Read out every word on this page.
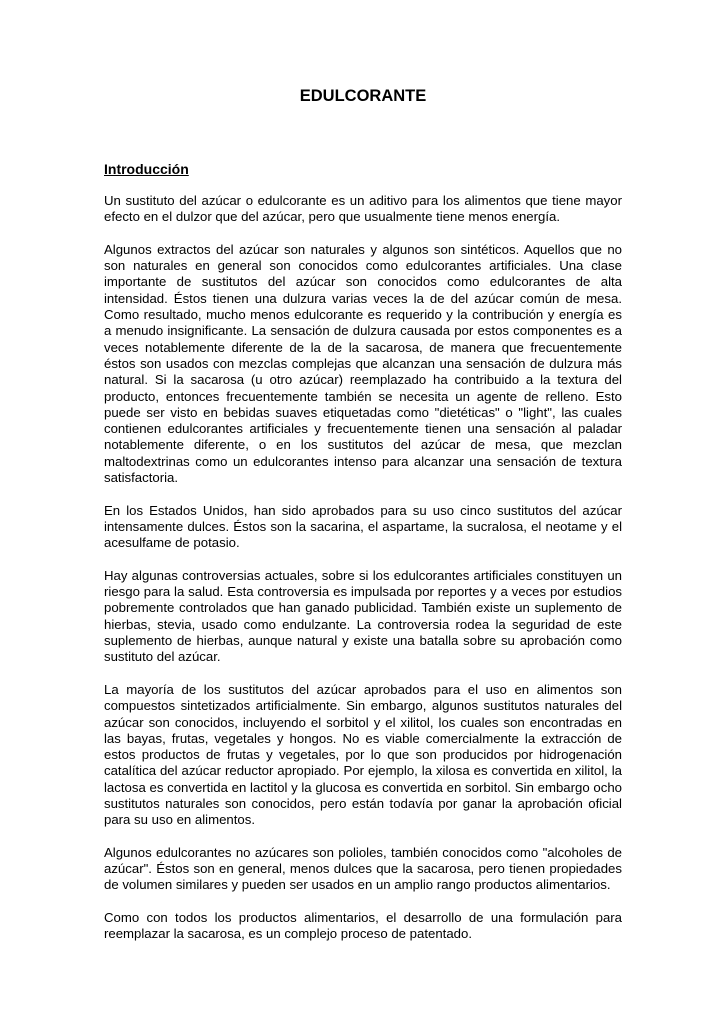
EDULCORANTE
Introducción

Un sustituto del azúcar o edulcorante es un aditivo para los alimentos que tiene mayor efecto en el dulzor que del azúcar, pero que usualmente tiene menos energía.

Algunos extractos del azúcar son naturales y algunos son sintéticos. Aquellos que no son naturales en general son conocidos como edulcorantes artificiales. Una clase importante de sustitutos del azúcar son conocidos como edulcorantes de alta intensidad. Éstos tienen una dulzura varias veces la de del azúcar común de mesa. Como resultado, mucho menos edulcorante es requerido y la contribución y energía es a menudo insignificante. La sensación de dulzura causada por estos componentes es a veces notablemente diferente de la de la sacarosa, de manera que frecuentemente éstos son usados con mezclas complejas que alcanzan una sensación de dulzura más natural. Si la sacarosa (u otro azúcar) reemplazado ha contribuido a la textura del producto, entonces frecuentemente también se necesita un agente de relleno. Esto puede ser visto en bebidas suaves etiquetadas como "dietéticas" o "light", las cuales contienen edulcorantes artificiales y frecuentemente tienen una sensación al paladar notablemente diferente, o en los sustitutos del azúcar de mesa, que mezclan maltodextrinas como un edulcorantes intenso para alcanzar una sensación de textura satisfactoria.

En los Estados Unidos, han sido aprobados para su uso cinco sustitutos del azúcar intensamente dulces. Éstos son la sacarina, el aspartame, la sucralosa, el neotame y el acesulfame de potasio.

Hay algunas controversias actuales, sobre si los edulcorantes artificiales constituyen un riesgo para la salud. Esta controversia es impulsada por reportes y a veces por estudios pobremente controlados que han ganado publicidad. También existe un suplemento de hierbas, stevia, usado como endulzante. La controversia rodea la seguridad de este suplemento de hierbas, aunque natural y existe una batalla sobre su aprobación como sustituto del azúcar.

La mayoría de los sustitutos del azúcar aprobados para el uso en alimentos son compuestos sintetizados artificialmente. Sin embargo, algunos sustitutos naturales del azúcar son conocidos, incluyendo el sorbitol y el xilitol, los cuales son encontradas en las bayas, frutas, vegetales y hongos. No es viable comercialmente la extracción de estos productos de frutas y vegetales, por lo que son producidos por hidrogenación catalítica del azúcar reductor apropiado. Por ejemplo, la xilosa es convertida en xilitol, la lactosa es convertida en lactitol y la glucosa es convertida en sorbitol. Sin embargo ocho sustitutos naturales son conocidos, pero están todavía por ganar la aprobación oficial para su uso en alimentos.

Algunos edulcorantes no azúcares son polioles, también conocidos como "alcoholes de azúcar". Éstos son en general, menos dulces que la sacarosa, pero tienen propiedades de volumen similares y pueden ser usados en un amplio rango productos alimentarios.

Como con todos los productos alimentarios, el desarrollo de una formulación para reemplazar la sacarosa, es un complejo proceso de patentado.
